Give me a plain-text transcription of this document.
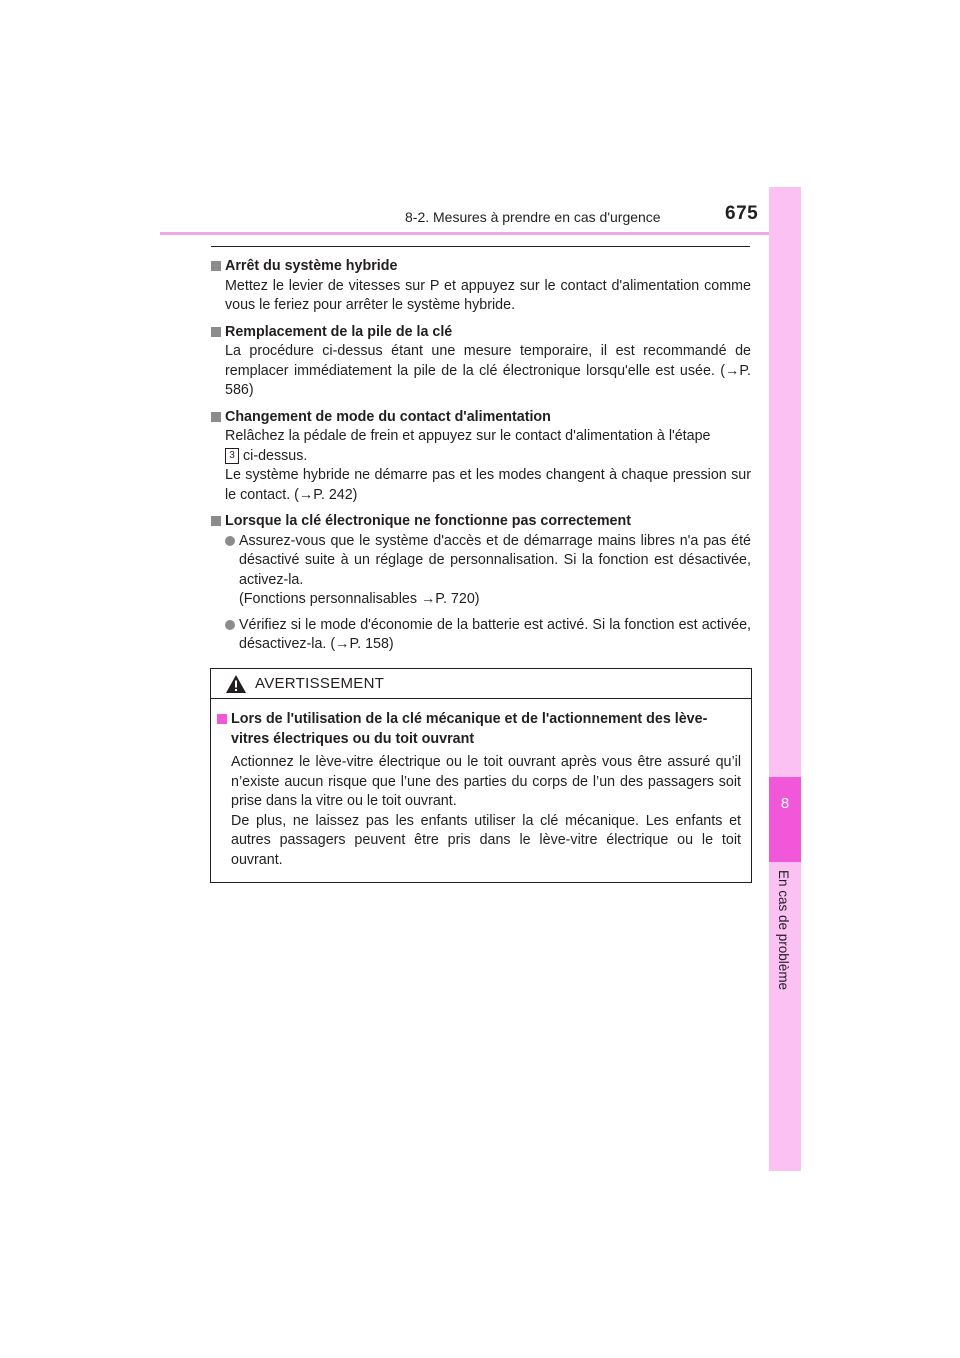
8-2. Mesures à prendre en cas d'urgence	675
8
En cas de problème
Arrêt du système hybride
Mettez le levier de vitesses sur P et appuyez sur le contact d'alimentation comme vous le feriez pour arrêter le système hybride.
Remplacement de la pile de la clé
La procédure ci-dessus étant une mesure temporaire, il est recommandé de remplacer immédiatement la pile de la clé électronique lorsqu'elle est usée. (→P. 586)
Changement de mode du contact d'alimentation
Relâchez la pédale de frein et appuyez sur le contact d'alimentation à l'étape
3 ci-dessus.
Le système hybride ne démarre pas et les modes changent à chaque pression sur le contact. (→P. 242)
Lorsque la clé électronique ne fonctionne pas correctement
Assurez-vous que le système d'accès et de démarrage mains libres n'a pas été désactivé suite à un réglage de personnalisation. Si la fonction est désactivée, activez-la.
(Fonctions personnalisables →P. 720)
Vérifiez si le mode d'économie de la batterie est activé. Si la fonction est activée, désactivez-la. (→P. 158)
AVERTISSEMENT
Lors de l'utilisation de la clé mécanique et de l'actionnement des lève-vitres électriques ou du toit ouvrant
Actionnez le lève-vitre électrique ou le toit ouvrant après vous être assuré qu’il n’existe aucun risque que l’une des parties du corps de l’un des passagers soit prise dans la vitre ou le toit ouvrant.
De plus, ne laissez pas les enfants utiliser la clé mécanique. Les enfants et autres passagers peuvent être pris dans le lève-vitre électrique ou le toit ouvrant.
